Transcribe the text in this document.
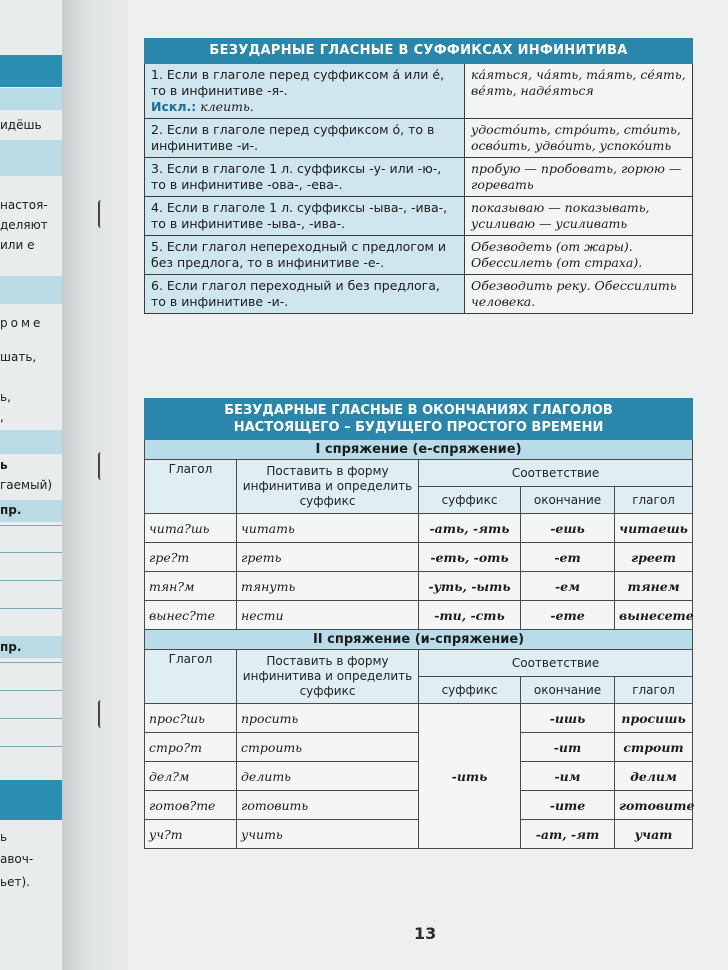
идёшь
настоя-
деляют
или е
роме
шать,
ь,
,
ь
гаемый)
пр.
пр.
ь
авоч-
ьет).
БЕЗУДАРНЫЕ ГЛАСНЫЕ В СУФФИКСАХ ИНФИНИТИВА	
1. Если в глаголе перед суффиксом а́ или е́, то в инфинитиве -я-.
Искл.: клеить.	ка́яться, ча́ять, та́ять, се́ять, ве́ять, наде́яться
2. Если в глаголе перед суффиксом о́, то в инфинитиве -и-.	удосто́ить, стро́ить, сто́ить, осво́ить, удво́ить, успоко́ить
3. Если в глаголе 1 л. суффиксы -у- или -ю-, то в инфинитиве -ова-, -ева-.	пробую — пробовать, горюю — горевать
4. Если в глаголе 1 л. суффиксы -ыва-, -ива-, то в инфинитиве -ыва-, -ива-.	показываю — показывать, усиливаю — усиливать
5. Если глагол непереходный с предлогом и без предлога, то в инфинитиве -е-.	Обезводеть (от жары). Обессилеть (от страха).
6. Если глагол переходный и без предлога, то в инфинитиве -и-.	Обезводить реку. Обессилить человека.
БЕЗУДАРНЫЕ ГЛАСНЫЕ В ОКОНЧАНИЯХ ГЛАГОЛОВ
НАСТОЯЩЕГО – БУДУЩЕГО ПРОСТОГО ВРЕМЕНИ				
I спряжение (е-спряжение)				
Глагол	Поставить в форму инфинитива и определить суффикс	Соответствие		
		суффикс	окончание	глагол
чита?шь	читать	-ать, -ять	-ешь	читаешь
гре?т	греть	-еть, -оть	-ет	греет
тян?м	тянуть	-уть, -ыть	-ем	тянем
вынес?те	нести	-ти, -сть	-ете	вынесете
II спряжение (и-спряжение)				
Глагол	Поставить в форму инфинитива и определить суффикс	Соответствие		
		суффикс	окончание	глагол
прос?шь	просить	-ить	-ишь	просишь
стро?т	строить		-ит	строит
дел?м	делить		-им	делим
готов?те	готовить		-ите	готовите
уч?т	учить		-ат, -ят	учат
13
